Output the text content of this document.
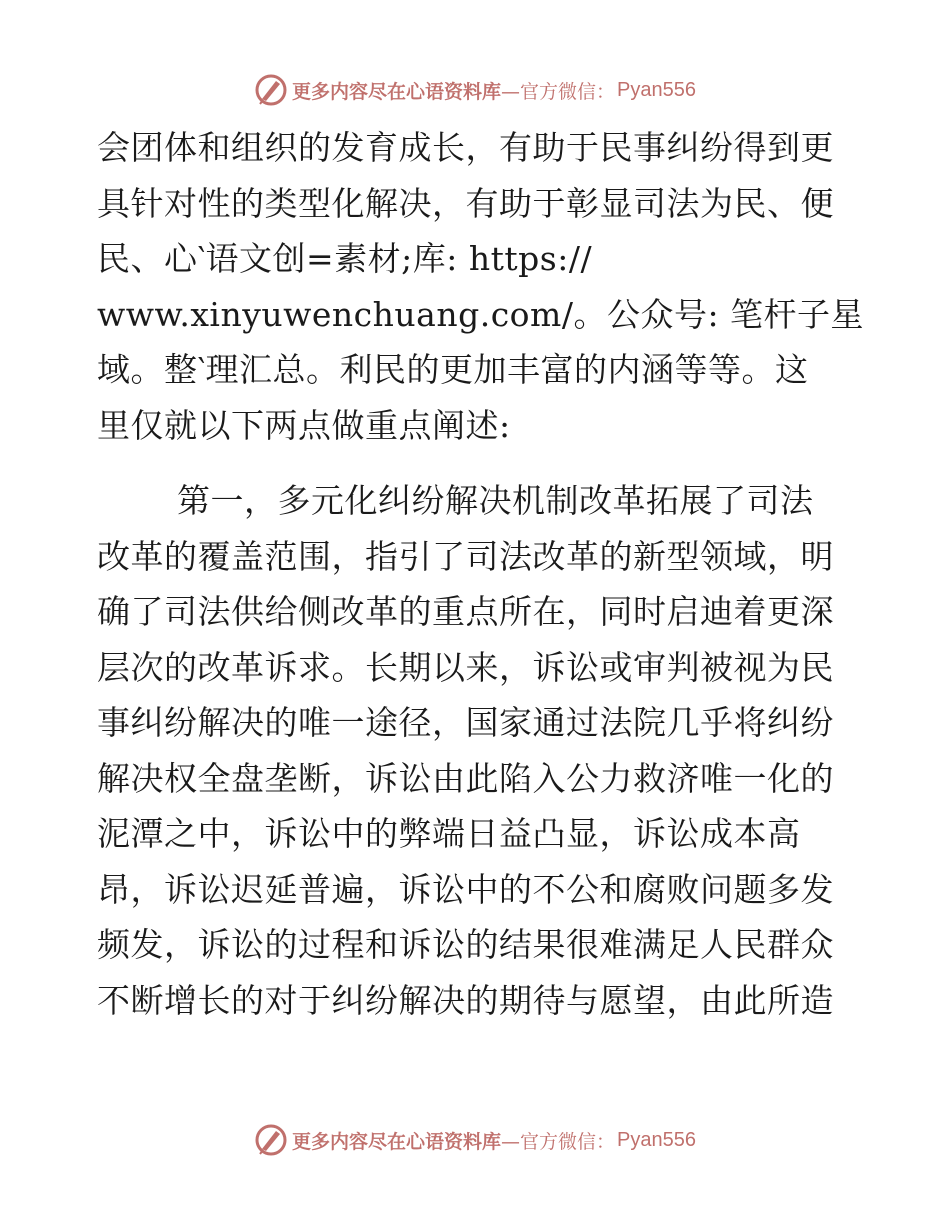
更多内容尽在心语资料库 —官方微信： Pyan556
会团体和组织的发育成长，有助于民事纠纷得到更
具针对性的类型化解决，有助于彰显司法为民、便
民、心‵语文创=素材;库: https://
www.xinyuwenchuang.com/。公众号: 笔杆子星
域。整‵理汇总。利民的更加丰富的内涵等等。这
里仅就以下两点做重点阐述:
第一，多元化纠纷解决机制改革拓展了司法
改革的覆盖范围，指引了司法改革的新型领域，明
确了司法供给侧改革的重点所在，同时启迪着更深
层次的改革诉求。长期以来，诉讼或审判被视为民
事纠纷解决的唯一途径，国家通过法院几乎将纠纷
解决权全盘垄断，诉讼由此陷入公力救济唯一化的
泥潭之中，诉讼中的弊端日益凸显，诉讼成本高
昂，诉讼迟延普遍，诉讼中的不公和腐败问题多发
频发，诉讼的过程和诉讼的结果很难满足人民群众
不断增长的对于纠纷解决的期待与愿望，由此所造
更多内容尽在心语资料库 —官方微信： Pyan556
